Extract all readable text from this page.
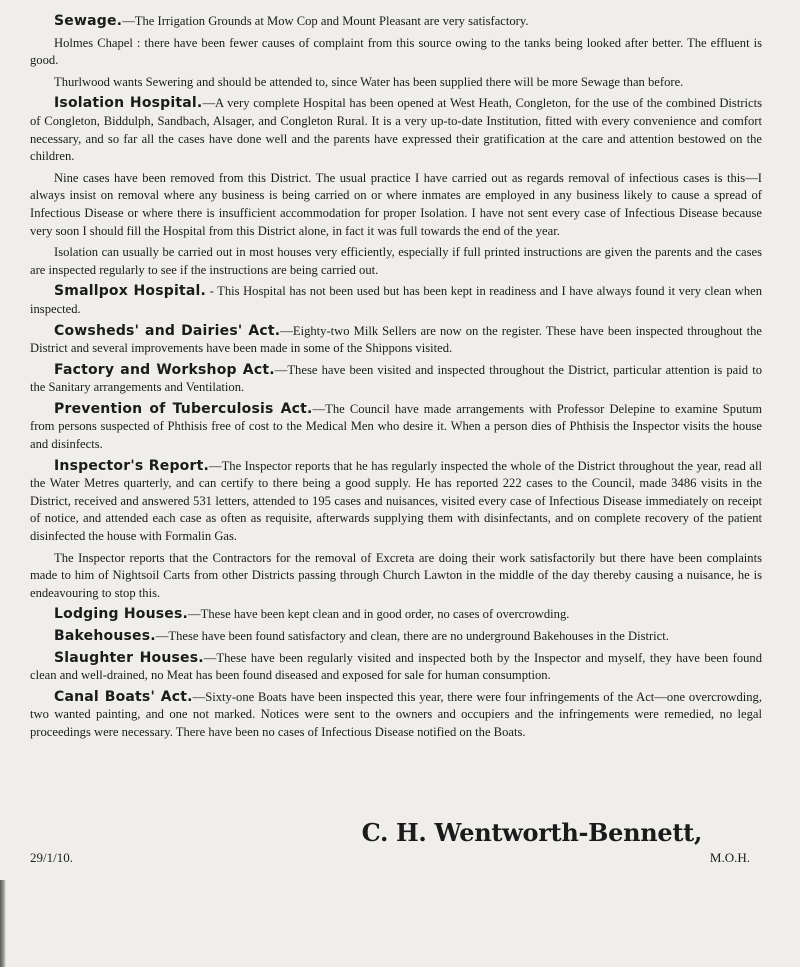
Sewage.—The Irrigation Grounds at Mow Cop and Mount Pleasant are very satisfactory.

Holmes Chapel : there have been fewer causes of complaint from this source owing to the tanks being looked after better. The effluent is good.

Thurlwood wants Sewering and should be attended to, since Water has been supplied there will be more Sewage than before.

Isolation Hospital.—A very complete Hospital has been opened at West Heath, Congleton, for the use of the combined Districts of Congleton, Biddulph, Sandbach, Alsager, and Congleton Rural. It is a very up-to-date Institution, fitted with every convenience and comfort necessary, and so far all the cases have done well and the parents have expressed their gratification at the care and attention bestowed on the children.

Nine cases have been removed from this District. The usual practice I have carried out as regards removal of infectious cases is this—I always insist on removal where any business is being carried on or where inmates are employed in any business likely to cause a spread of Infectious Disease or where there is insufficient accommodation for proper Isolation. I have not sent every case of Infectious Disease because very soon I should fill the Hospital from this District alone, in fact it was full towards the end of the year.

Isolation can usually be carried out in most houses very efficiently, especially if full printed instructions are given the parents and the cases are inspected regularly to see if the instructions are being carried out.

Smallpox Hospital. - This Hospital has not been used but has been kept in readiness and I have always found it very clean when inspected.

Cowsheds' and Dairies' Act.—Eighty-two Milk Sellers are now on the register. These have been inspected throughout the District and several improvements have been made in some of the Shippons visited.

Factory and Workshop Act.—These have been visited and inspected throughout the District, particular attention is paid to the Sanitary arrangements and Ventilation.

Prevention of Tuberculosis Act.—The Council have made arrangements with Professor Delepine to examine Sputum from persons suspected of Phthisis free of cost to the Medical Men who desire it. When a person dies of Phthisis the Inspector visits the house and disinfects.

Inspector's Report.—The Inspector reports that he has regularly inspected the whole of the District throughout the year, read all the Water Metres quarterly, and can certify to there being a good supply. He has reported 222 cases to the Council, made 3486 visits in the District, received and answered 531 letters, attended to 195 cases and nuisances, visited every case of Infectious Disease immediately on receipt of notice, and attended each case as often as requisite, afterwards supplying them with disinfectants, and on complete recovery of the patient disinfected the house with Formalin Gas.

The Inspector reports that the Contractors for the removal of Excreta are doing their work satisfactorily but there have been complaints made to him of Nightsoil Carts from other Districts passing through Church Lawton in the middle of the day thereby causing a nuisance, he is endeavouring to stop this.

Lodging Houses.—These have been kept clean and in good order, no cases of overcrowding.

Bakehouses.—These have been found satisfactory and clean, there are no underground Bakehouses in the District.

Slaughter Houses.—These have been regularly visited and inspected both by the Inspector and myself, they have been found clean and well-drained, no Meat has been found diseased and exposed for sale for human consumption.

Canal Boats' Act.—Sixty-one Boats have been inspected this year, there were four infringements of the Act—one overcrowding, two wanted painting, and one not marked. Notices were sent to the owners and occupiers and the infringements were remedied, no legal proceedings were necessary. There have been no cases of Infectious Disease notified on the Boats.

C. H. Wentworth-Bennett,
29/1/10.	M.O.H.
